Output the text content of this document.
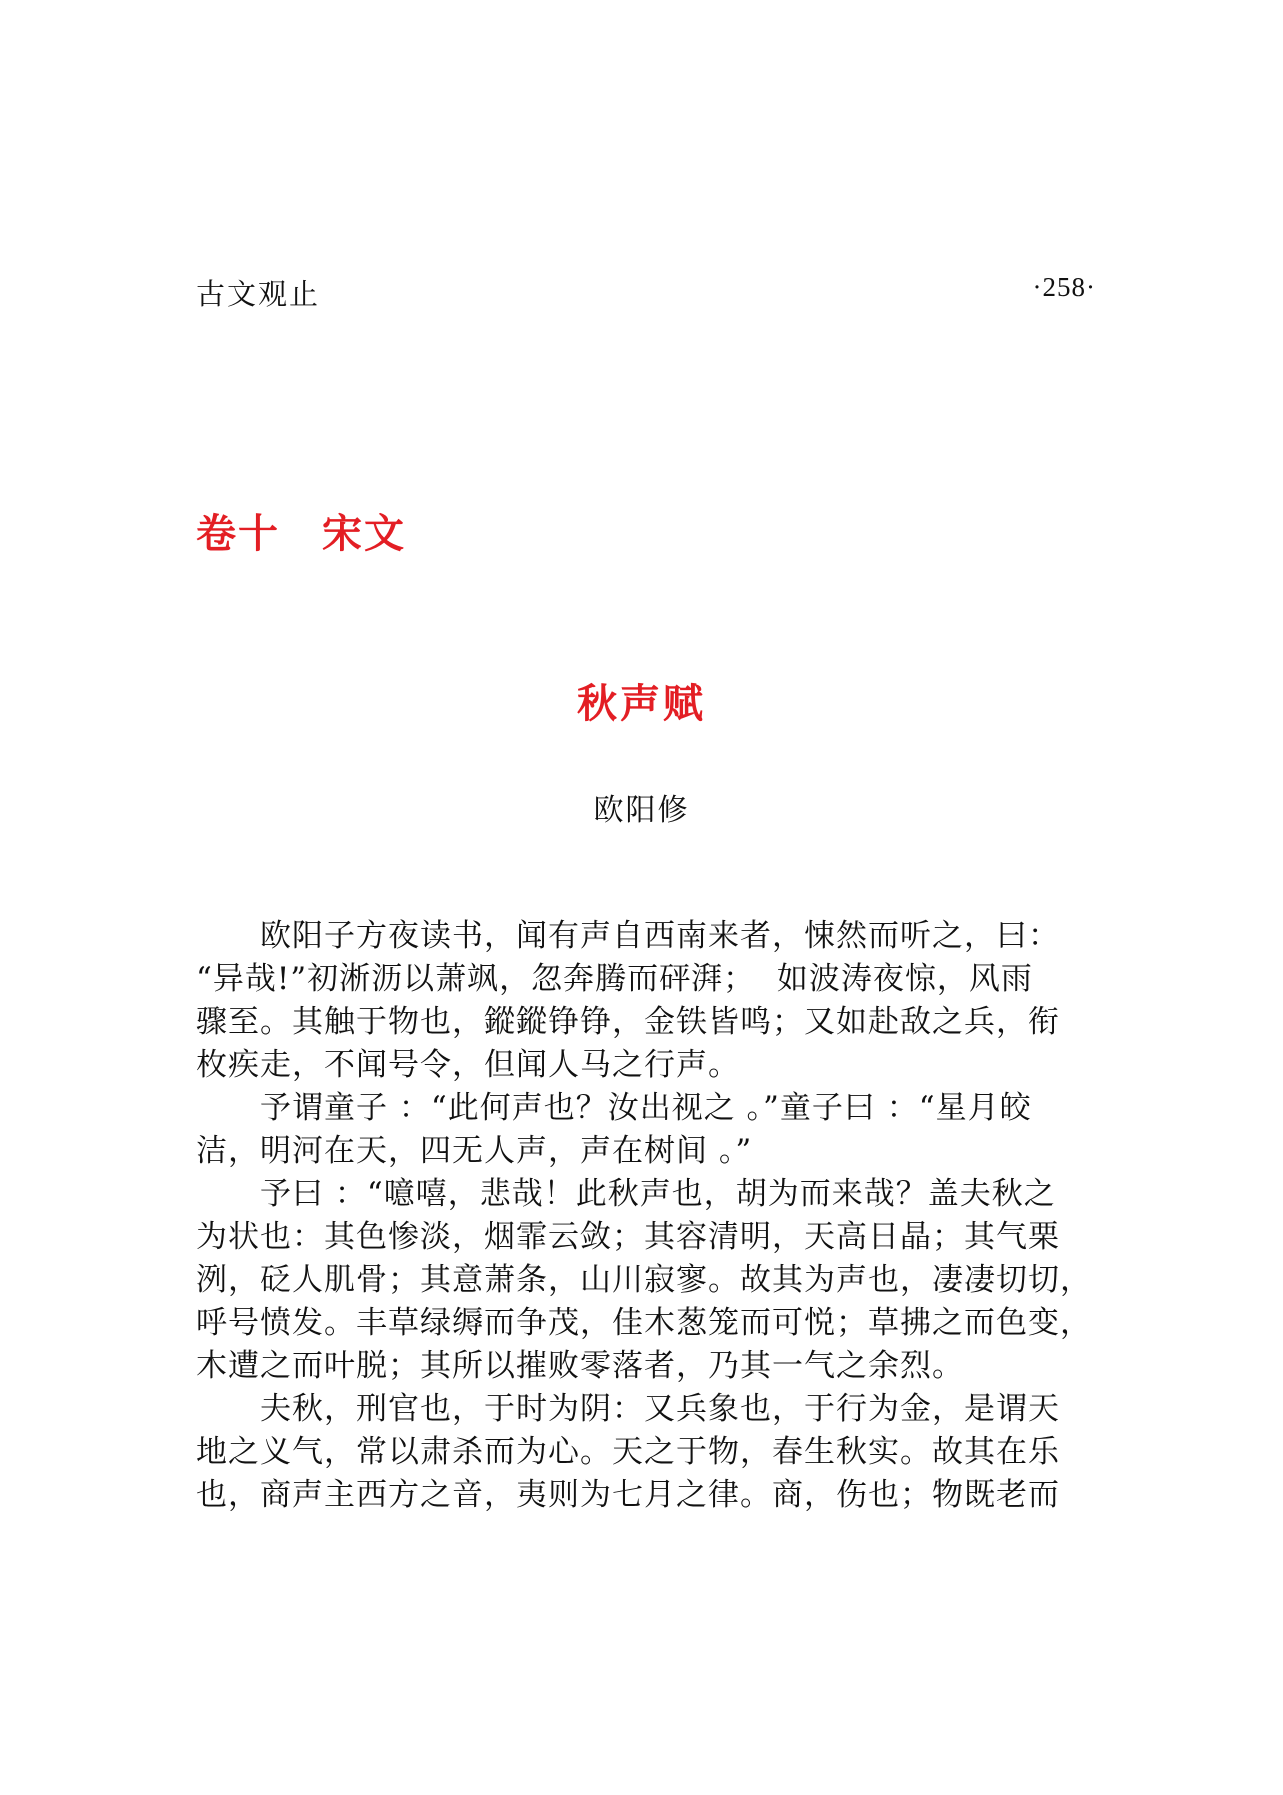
古文观止	·258·
卷十　宋文
秋声赋
欧阳修
　　欧阳子方夜读书，闻有声自西南来者，悚然而听之，曰：
“异哉!”初淅沥以萧飒，忽奔腾而砰湃；  如波涛夜惊，风雨
骤至。其触于物也，鏦鏦铮铮，金铁皆鸣；又如赴敌之兵，衔
枚疾走，不闻号令，但闻人马之行声。
　　予谓童子 ：“此何声也？汝出视之 。”童子曰 ：“星月皎
洁，明河在天，四无人声，声在树间 。”
　　予曰 ：“噫嘻，悲哉！此秋声也，胡为而来哉？盖夫秋之
为状也：其色惨淡，烟霏云敛；其容清明，天高日晶；其气栗
洌，砭人肌骨；其意萧条，山川寂寥。故其为声也，凄凄切切，
呼号愤发。丰草绿缛而争茂，佳木葱笼而可悦；草拂之而色变，
木遭之而叶脱；其所以摧败零落者，乃其一气之余烈。
　　夫秋，刑官也，于时为阴：又兵象也，于行为金，是谓天
地之义气，常以肃杀而为心。天之于物，春生秋实。故其在乐
也，商声主西方之音，夷则为七月之律。商，伤也；物既老而
